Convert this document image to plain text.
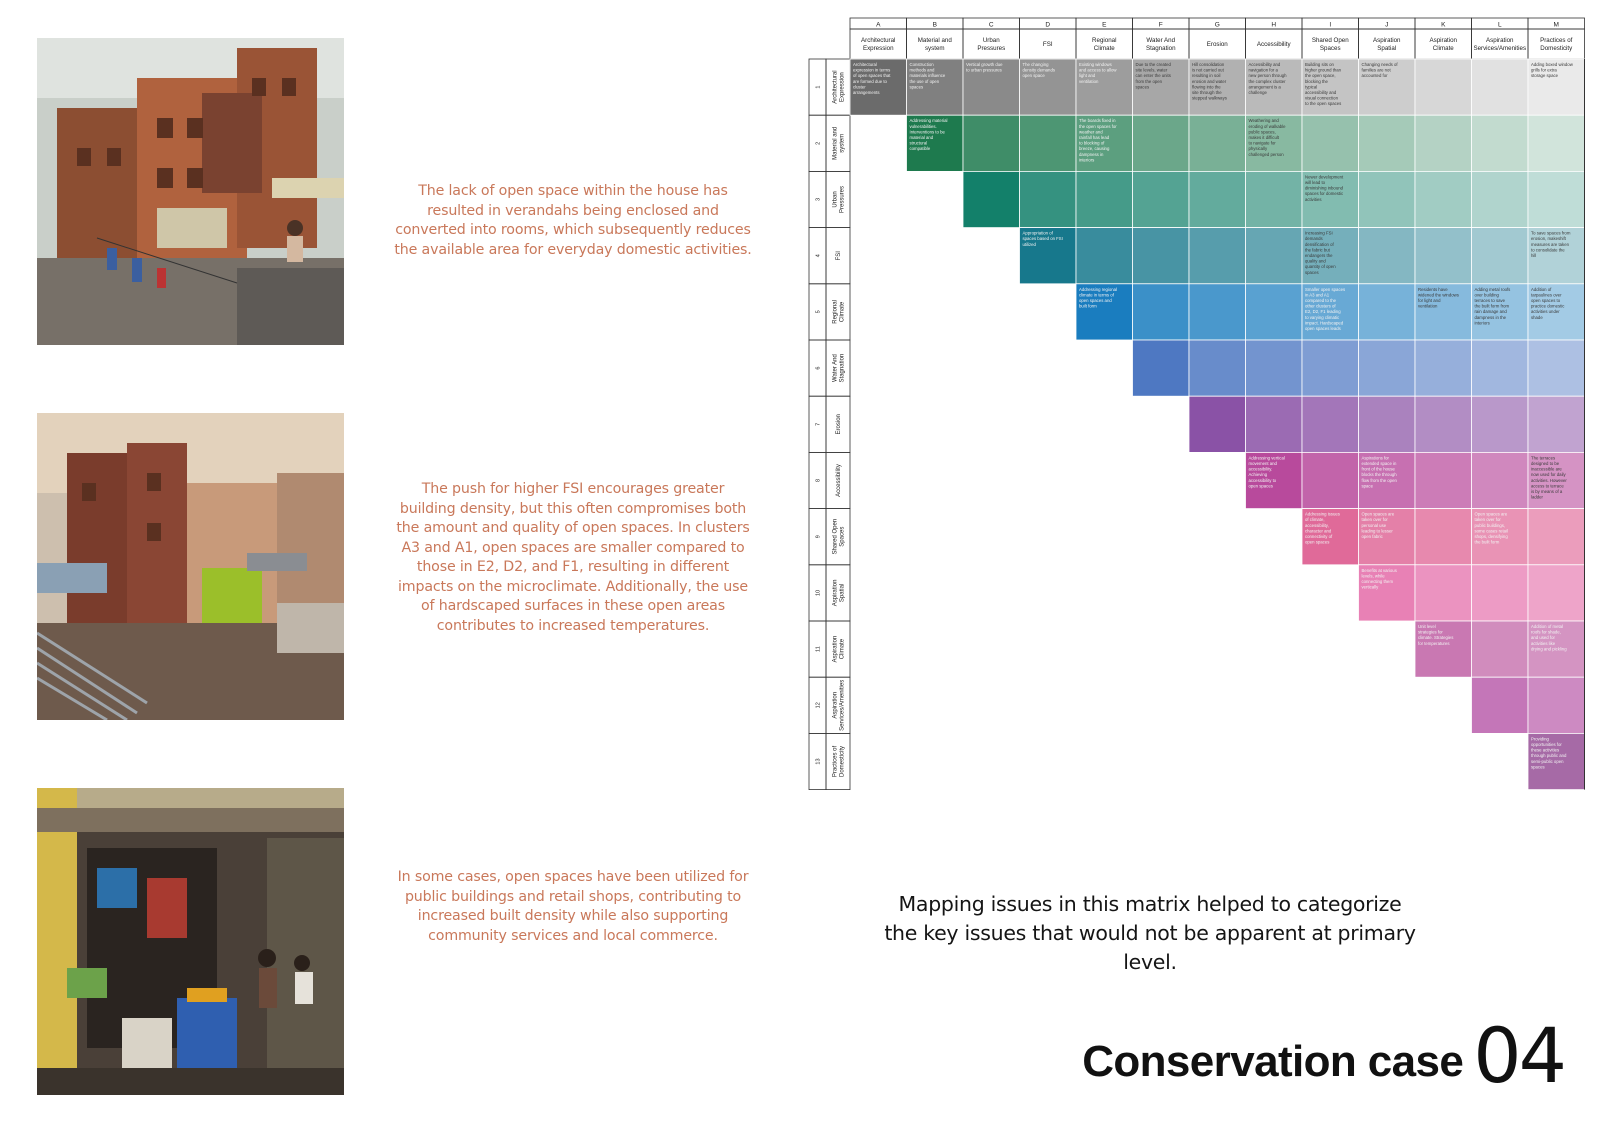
The lack of open space within the house has resulted in verandahs being enclosed and converted into rooms, which subsequently reduces the available area for everyday domestic activities.
The push for higher FSI encourages greater building density, but this often compromises both the amount and quality of open spaces. In clusters A3 and A1, open spaces are smaller compared to those in E2, D2, and F1, resulting in different impacts on the microclimate. Additionally, the use of hardscaped surfaces in these open areas contributes to increased temperatures.
In some cases, open spaces have been utilized for public buildings and retail shops, contributing to increased built density while also supporting community services and local commerce.
A
Architectural Expression
B
Material and system
C
Urban Pressures
D
FSI
E
Regional Climate
F
Water And Stagnation
G
Erosion
H
Accessibility
I
Shared Open Spaces
J
Aspiration Spatial
K
Aspiration Climate
L
Aspiration Services/Amenities
M
Practices of Domesticity
1 ArchitecturalExpression
2 Material andsystem
3 UrbanPressures
4 FSI
5 RegionalClimate
6 Water AndStagnation
7 Erosion
8 Accessibility
9 Shared OpenSpaces
10 AspirationSpatial
11 AspirationClimate
12 AspirationServices/Amenities
13 Practices ofDomesticity
Architectural expression in terms of open spaces that are formed due to cluster arrangements
Construction methods and materials influence the use of open spaces
Vertical growth due to urban pressures
The changing density demands open space
Existing windows and access to allow light and ventilation
Due to the created site levels, water can enter the units from the open spaces
Hill consolidation is not carried out resulting in soil erosion and water flowing into the site through the stepped walkways
Accessibility and navigation for a new person through the complex cluster arrangement is a challenge
Building sits on higher ground than the open space, blocking the typical accessibility and visual connection to the open spaces
Changing needs of families are not accounted for
Adding boxed window grills for extra storage space
Addressing material vulnerabilities. Interventions to be material and structural compatible
The boards fixed in the open spaces for weather and rainfall has lead to blocking of breeze, causing dampness in interiors
Weathering and eroding of walkable public spaces, makes it difficult to navigate for physically challenged person
Newer development will lead to diminishing inbound spaces for domestic activities
Appropriation of spaces based on FSI utilized
Increasing FSI demands densification of the fabric but endangers the quality and quantity of open spaces
To save spaces from erosion, makeshift measures are taken to consolidate the hill
Addressing regional climate in terms of open spaces and built form
Smaller open spaces in A3 and A1 compared to the other clusters of E2, D2, F1 leading to varying climatic impact. Hardscaped open spaces leads
Residents have widened the windows for light and ventilation
Adding metal roofs over building terraces to save the built form from rain damage and dampness in the interiors
Addition of tarpaulines over open spaces to practice domestic activities under shade
Addressing vertical movement and accessibility. Achieving accessibility to open spaces
Aspirations for extended space in front of the house blocks the through flow from the open space
The terraces designed to be inaccessible are now used for daily activities. However access to terrace is by means of a ladder
Addressing issues of climate, accessibility, character and connectivity of open spaces
Open spaces are taken over for personal use leading to lesser open fabric
Open spaces are taken over for public buildings, some cases retail shops, densifying the built form
Benefits at various levels, while connecting them vertically
Unit level strategies for climate. Strategies for temperatures
Addition of metal roofs for shade, and used for activities like drying and pickling
Providing opportunities for these activities through public and semi-public open spaces
Mapping issues in this matrix helped to categorize the key issues that would not be apparent at primary level.
Conservation case 04
